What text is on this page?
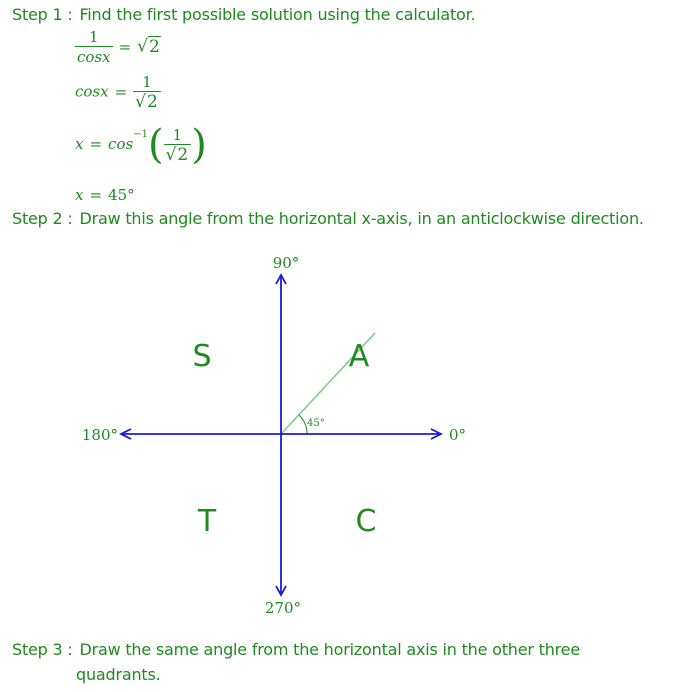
Step 1 : Find the first possible solution using the calculator.
$\frac{1}{\cos x} = √2$
$\cos x = \frac{1}{√2}$
$x = \cos^{-1}( \frac{1}{√2}$ )
x = 45°
Step 2 : Draw this angle from the horizontal x-axis, in an anticlockwise direction.
90°
0°
180°
270°
45°
S	A
T	C
Step 3 : Draw the same angle from the horizontal axis in the other three
quadrants.
